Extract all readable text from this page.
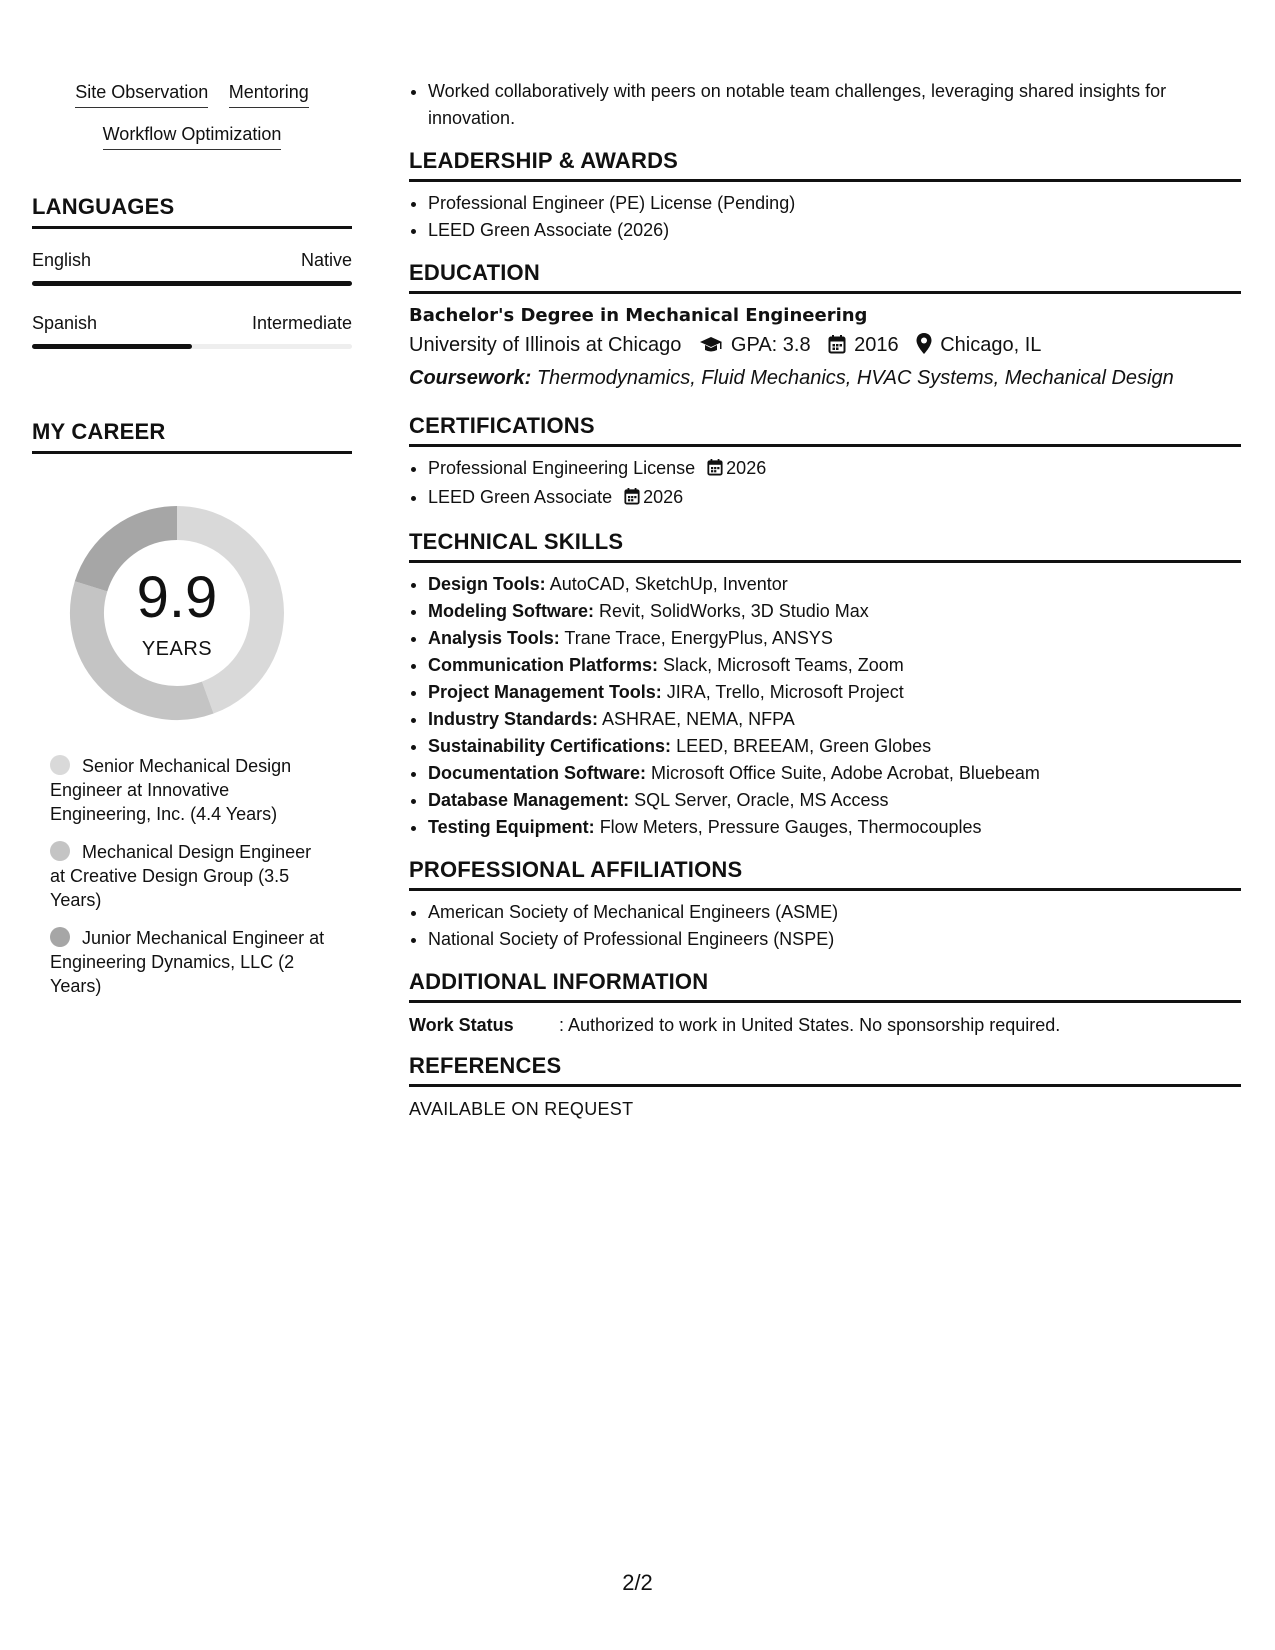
Site Observation Mentoring
Workflow Optimization
LANGUAGES
English	Native
Spanish	Intermediate
MY CAREER
9.9
YEARS
Senior Mechanical Design Engineer at Innovative Engineering, Inc. (4.4 Years)
Mechanical Design Engineer at Creative Design Group (3.5 Years)
Junior Mechanical Engineer at Engineering Dynamics, LLC (2 Years)
• Worked collaboratively with peers on notable team challenges, leveraging shared insights for innovation.
LEADERSHIP & AWARDS
• Professional Engineer (PE) License (Pending)
• LEED Green Associate (2026)
EDUCATION
Bachelor's Degree in Mechanical Engineering
University of Illinois at Chicago GPA: 3.8 2016 Chicago, IL
Coursework: Thermodynamics, Fluid Mechanics, HVAC Systems, Mechanical Design
CERTIFICATIONS
• Professional Engineering License 2026
• LEED Green Associate 2026
TECHNICAL SKILLS
• Design Tools: AutoCAD, SketchUp, Inventor
• Modeling Software: Revit, SolidWorks, 3D Studio Max
• Analysis Tools: Trane Trace, EnergyPlus, ANSYS
• Communication Platforms: Slack, Microsoft Teams, Zoom
• Project Management Tools: JIRA, Trello, Microsoft Project
• Industry Standards: ASHRAE, NEMA, NFPA
• Sustainability Certifications: LEED, BREEAM, Green Globes
• Documentation Software: Microsoft Office Suite, Adobe Acrobat, Bluebeam
• Database Management: SQL Server, Oracle, MS Access
• Testing Equipment: Flow Meters, Pressure Gauges, Thermocouples
PROFESSIONAL AFFILIATIONS
• American Society of Mechanical Engineers (ASME)
• National Society of Professional Engineers (NSPE)
ADDITIONAL INFORMATION
Work Status	: Authorized to work in United States. No sponsorship required.
REFERENCES
AVAILABLE ON REQUEST
2/2
